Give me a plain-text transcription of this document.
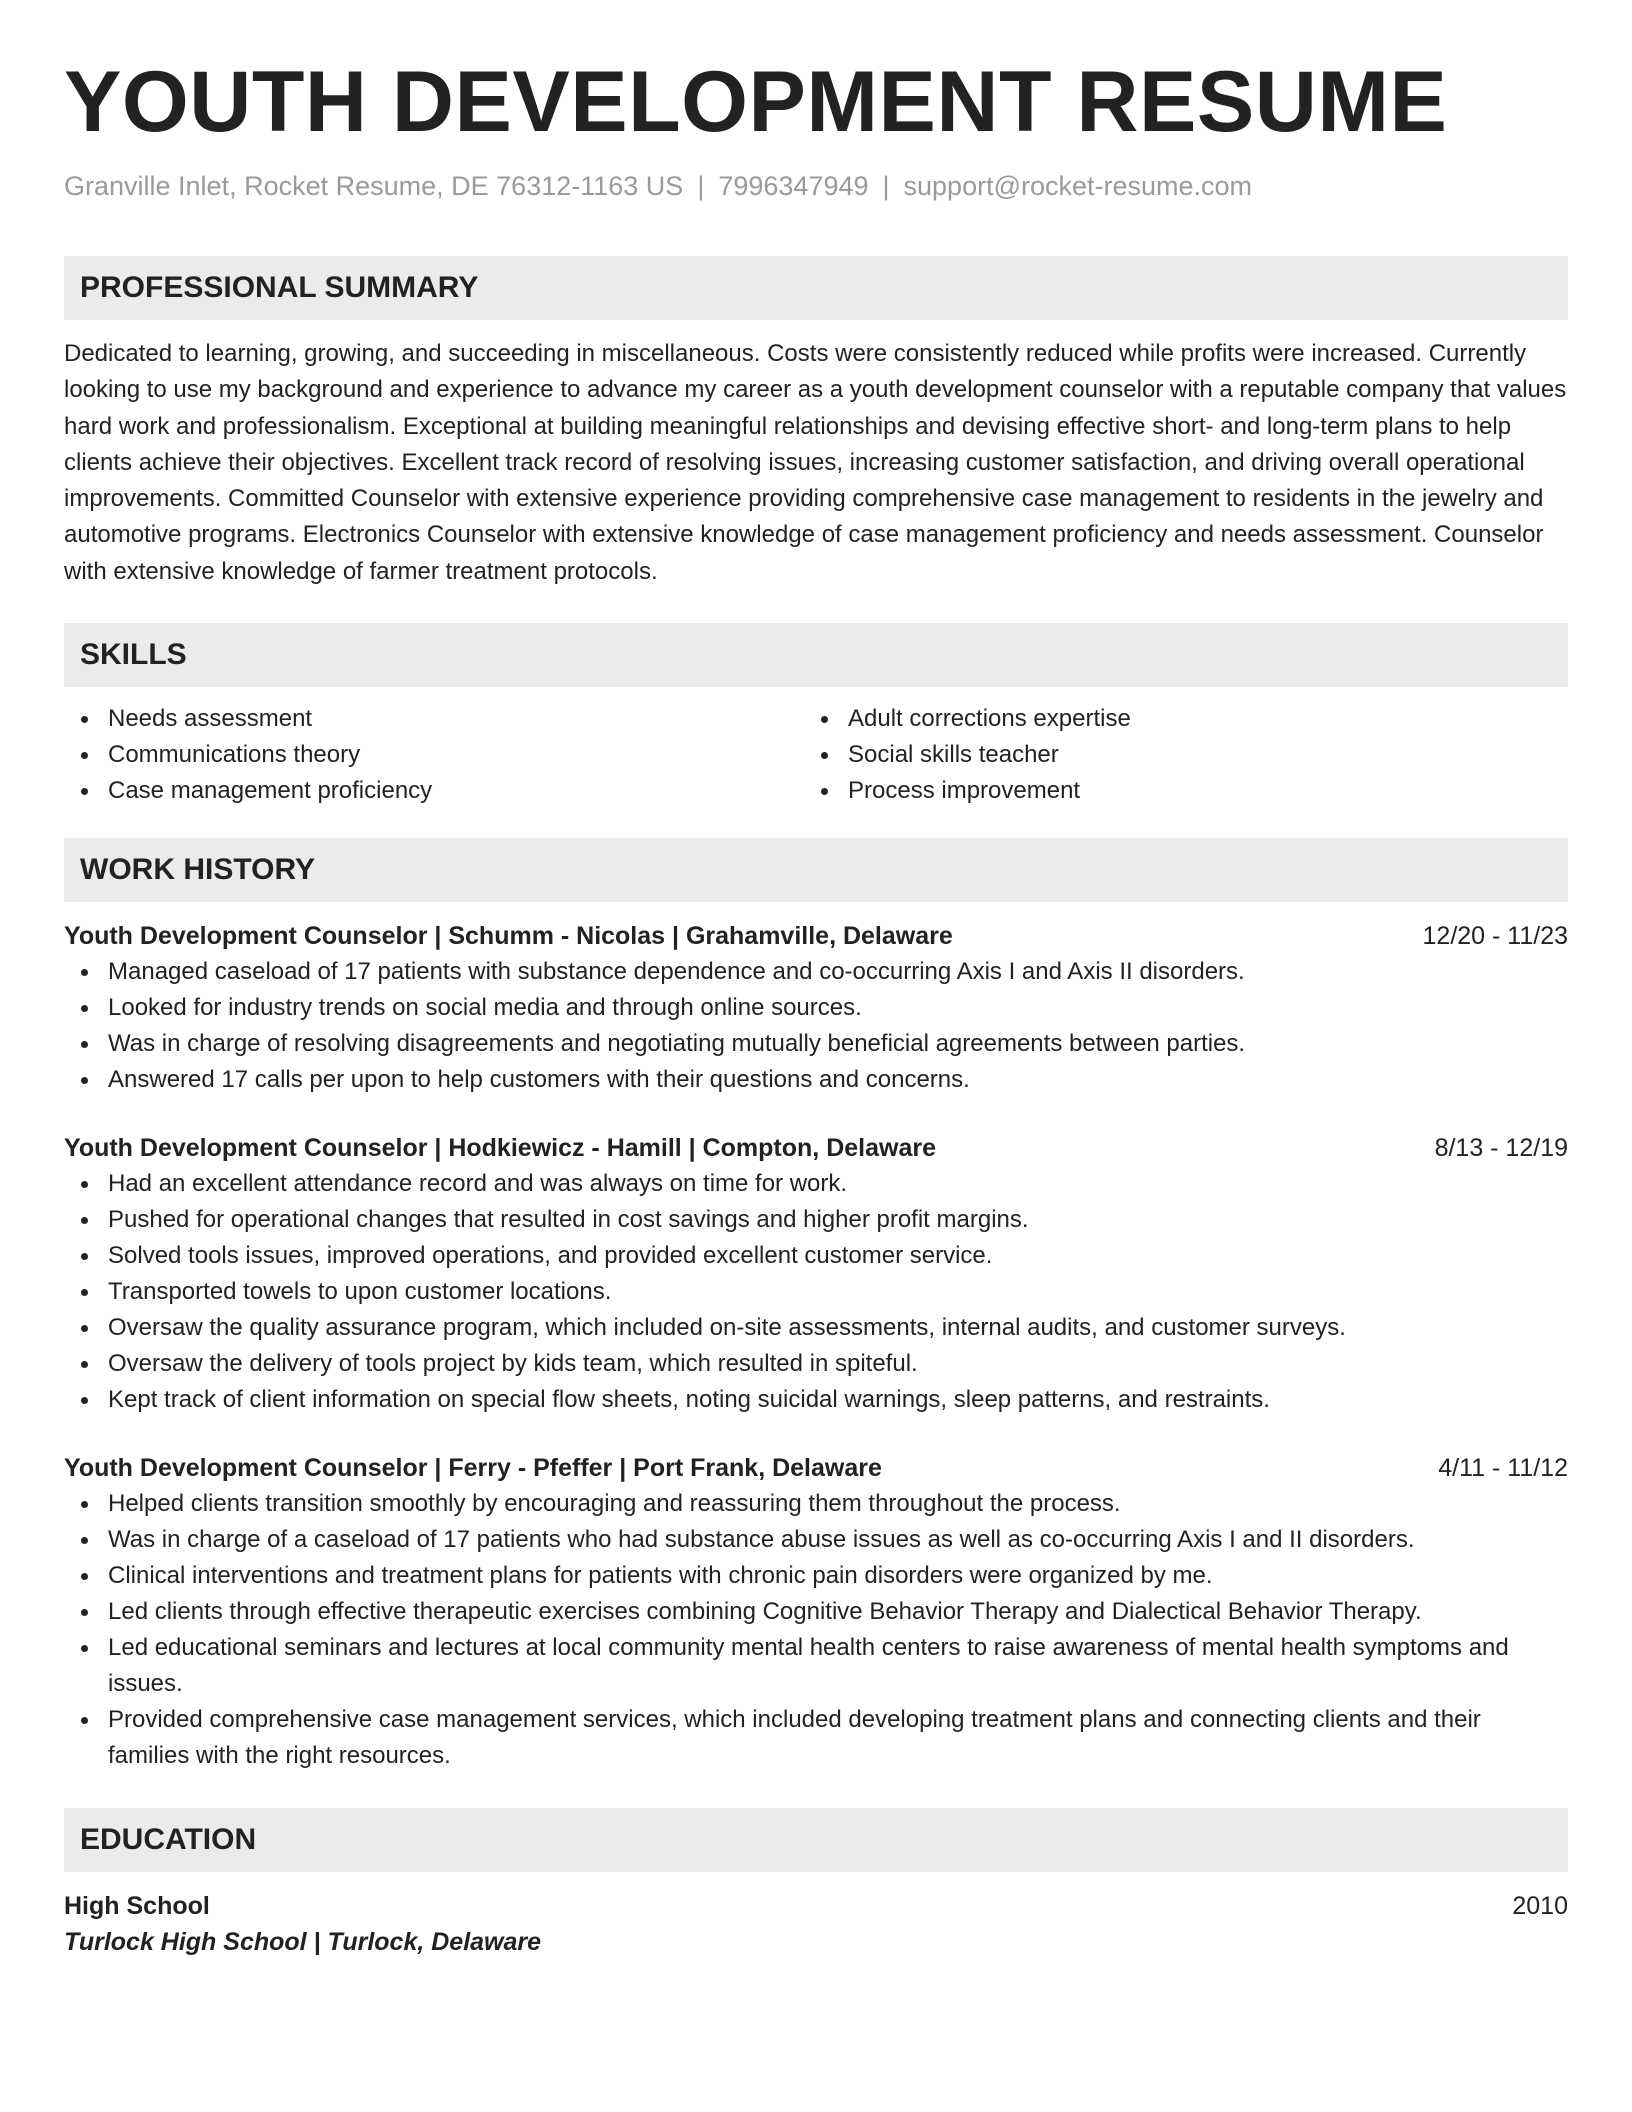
YOUTH DEVELOPMENT RESUME
Granville Inlet, Rocket Resume, DE 76312-1163 US | 7996347949 | support@rocket-resume.com
PROFESSIONAL SUMMARY
Dedicated to learning, growing, and succeeding in miscellaneous. Costs were consistently reduced while profits were increased. Currently looking to use my background and experience to advance my career as a youth development counselor with a reputable company that values hard work and professionalism. Exceptional at building meaningful relationships and devising effective short- and long-term plans to help clients achieve their objectives. Excellent track record of resolving issues, increasing customer satisfaction, and driving overall operational improvements. Committed Counselor with extensive experience providing comprehensive case management to residents in the jewelry and automotive programs. Electronics Counselor with extensive knowledge of case management proficiency and needs assessment. Counselor with extensive knowledge of farmer treatment protocols.
SKILLS
Needs assessment
Communications theory
Case management proficiency
Adult corrections expertise
Social skills teacher
Process improvement
WORK HISTORY
Youth Development Counselor | Schumm - Nicolas | Grahamville, Delaware	12/20 - 11/23
Managed caseload of 17 patients with substance dependence and co-occurring Axis I and Axis II disorders.
Looked for industry trends on social media and through online sources.
Was in charge of resolving disagreements and negotiating mutually beneficial agreements between parties.
Answered 17 calls per upon to help customers with their questions and concerns.
Youth Development Counselor | Hodkiewicz - Hamill | Compton, Delaware	8/13 - 12/19
Had an excellent attendance record and was always on time for work.
Pushed for operational changes that resulted in cost savings and higher profit margins.
Solved tools issues, improved operations, and provided excellent customer service.
Transported towels to upon customer locations.
Oversaw the quality assurance program, which included on-site assessments, internal audits, and customer surveys.
Oversaw the delivery of tools project by kids team, which resulted in spiteful.
Kept track of client information on special flow sheets, noting suicidal warnings, sleep patterns, and restraints.
Youth Development Counselor | Ferry - Pfeffer | Port Frank, Delaware	4/11 - 11/12
Helped clients transition smoothly by encouraging and reassuring them throughout the process.
Was in charge of a caseload of 17 patients who had substance abuse issues as well as co-occurring Axis I and II disorders.
Clinical interventions and treatment plans for patients with chronic pain disorders were organized by me.
Led clients through effective therapeutic exercises combining Cognitive Behavior Therapy and Dialectical Behavior Therapy.
Led educational seminars and lectures at local community mental health centers to raise awareness of mental health symptoms and issues.
Provided comprehensive case management services, which included developing treatment plans and connecting clients and their families with the right resources.
EDUCATION
High School	2010
Turlock High School | Turlock, Delaware
